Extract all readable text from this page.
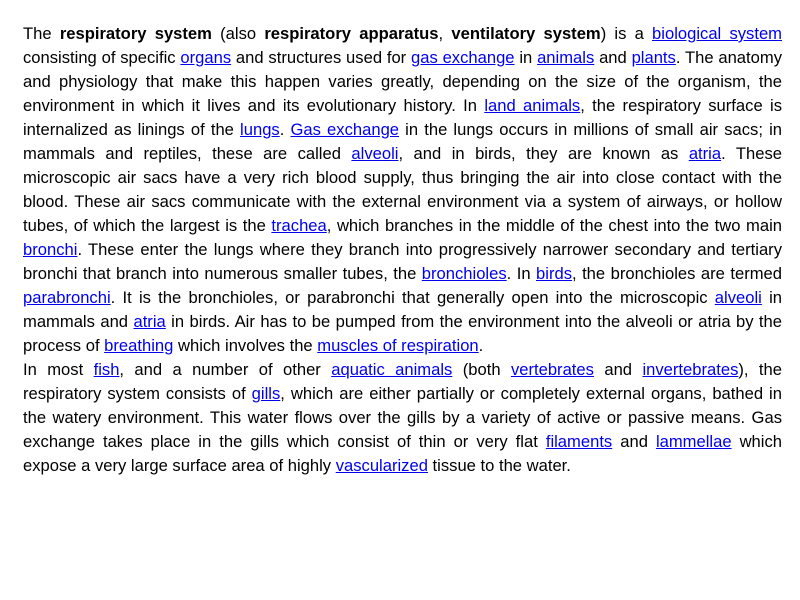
The respiratory system (also respiratory apparatus, ventilatory system) is a biological system consisting of specific organs and structures used for gas exchange in animals and plants. The anatomy and physiology that make this happen varies greatly, depending on the size of the organism, the environment in which it lives and its evolutionary history. In land animals, the respiratory surface is internalized as linings of the lungs. Gas exchange in the lungs occurs in millions of small air sacs; in mammals and reptiles, these are called alveoli, and in birds, they are known as atria. These microscopic air sacs have a very rich blood supply, thus bringing the air into close contact with the blood. These air sacs communicate with the external environment via a system of airways, or hollow tubes, of which the largest is the trachea, which branches in the middle of the chest into the two main bronchi. These enter the lungs where they branch into progressively narrower secondary and tertiary bronchi that branch into numerous smaller tubes, the bronchioles. In birds, the bronchioles are termed parabronchi. It is the bronchioles, or parabronchi that generally open into the microscopic alveoli in mammals and atria in birds. Air has to be pumped from the environment into the alveoli or atria by the process of breathing which involves the muscles of respiration.

In most fish, and a number of other aquatic animals (both vertebrates and invertebrates), the respiratory system consists of gills, which are either partially or completely external organs, bathed in the watery environment. This water flows over the gills by a variety of active or passive means. Gas exchange takes place in the gills which consist of thin or very flat filaments and lammellae which expose a very large surface area of highly vascularized tissue to the water.
